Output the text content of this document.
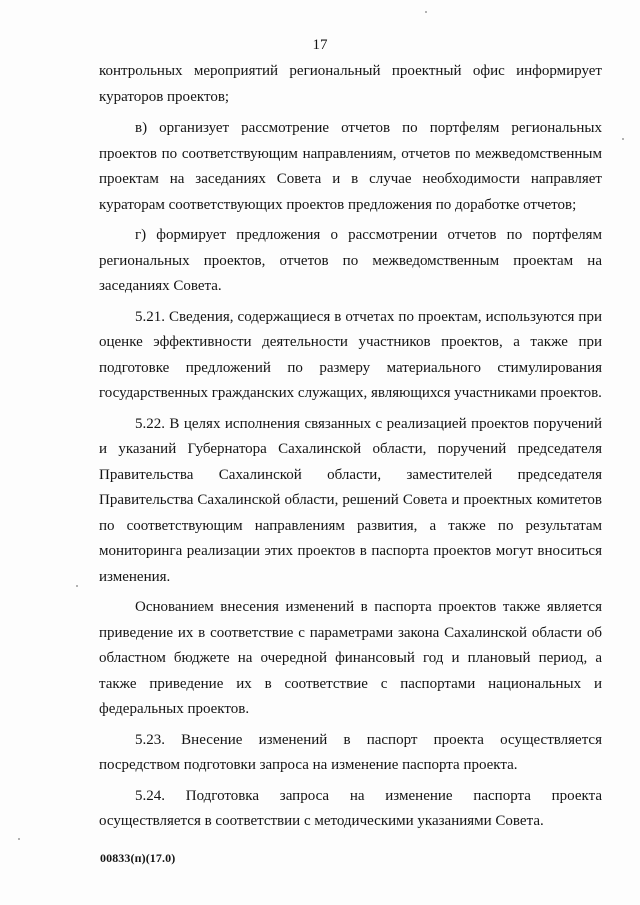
17

контрольных мероприятий региональный проектный офис информирует кураторов проектов;

в) организует рассмотрение отчетов по портфелям региональных проектов по соответствующим направлениям, отчетов по межведомственным проектам на заседаниях Совета и в случае необходимости направляет кураторам соответствующих проектов предложения по доработке отчетов;

г) формирует предложения о рассмотрении отчетов по портфелям региональных проектов, отчетов по межведомственным проектам на заседаниях Совета.

5.21. Сведения, содержащиеся в отчетах по проектам, используются при оценке эффективности деятельности участников проектов, а также при подготовке предложений по размеру материального стимулирования государственных гражданских служащих, являющихся участниками проектов.

5.22. В целях исполнения связанных с реализацией проектов поручений и указаний Губернатора Сахалинской области, поручений председателя Правительства Сахалинской области, заместителей председателя Правительства Сахалинской области, решений Совета и проектных комитетов по соответствующим направлениям развития, а также по результатам мониторинга реализации этих проектов в паспорта проектов могут вноситься изменения.

Основанием внесения изменений в паспорта проектов также является приведение их в соответствие с параметрами закона Сахалинской области об областном бюджете на очередной финансовый год и плановый период, а также приведение их в соответствие с паспортами национальных и федеральных проектов.

5.23. Внесение изменений в паспорт проекта осуществляется посредством подготовки запроса на изменение паспорта проекта.

5.24. Подготовка запроса на изменение паспорта проекта осуществляется в соответствии с методическими указаниями Совета.

00833(п)(17.0)
